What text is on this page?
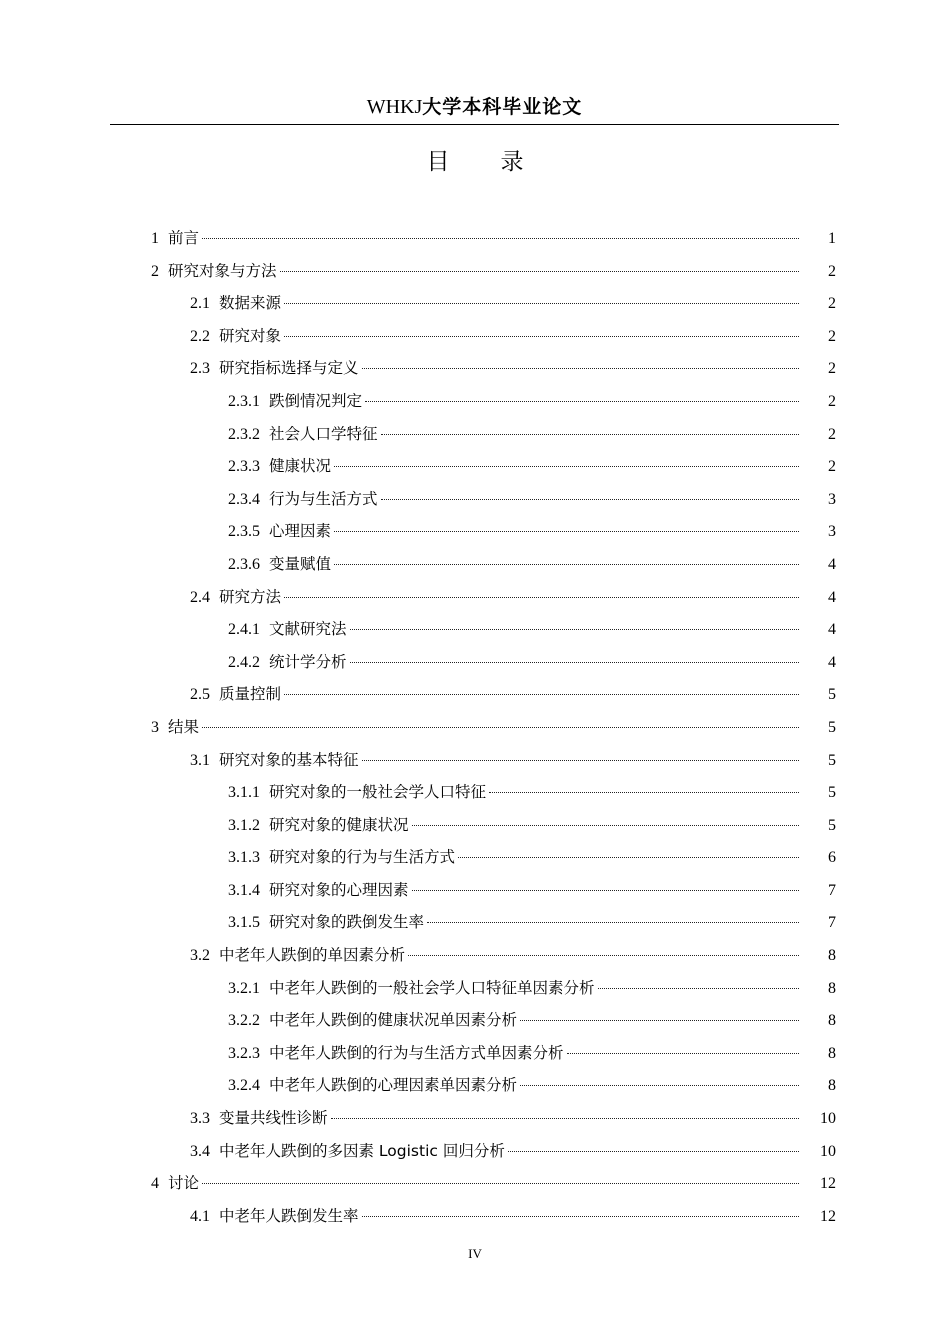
WHKJ大学本科毕业论文
目　录
1 前言	1
2 研究对象与方法	2
2.1 数据来源	2
2.2 研究对象	2
2.3 研究指标选择与定义	2
2.3.1 跌倒情况判定	2
2.3.2 社会人口学特征	2
2.3.3 健康状况	2
2.3.4 行为与生活方式	3
2.3.5 心理因素	3
2.3.6 变量赋值	4
2.4 研究方法	4
2.4.1 文献研究法	4
2.4.2 统计学分析	4
2.5 质量控制	5
3 结果	5
3.1 研究对象的基本特征	5
3.1.1 研究对象的一般社会学人口特征	5
3.1.2 研究对象的健康状况	5
3.1.3 研究对象的行为与生活方式	6
3.1.4 研究对象的心理因素	7
3.1.5 研究对象的跌倒发生率	7
3.2 中老年人跌倒的单因素分析	8
3.2.1 中老年人跌倒的一般社会学人口特征单因素分析	8
3.2.2 中老年人跌倒的健康状况单因素分析	8
3.2.3 中老年人跌倒的行为与生活方式单因素分析	8
3.2.4 中老年人跌倒的心理因素单因素分析	8
3.3 变量共线性诊断	10
3.4 中老年人跌倒的多因素 Logistic 回归分析	10
4 讨论	12
4.1 中老年人跌倒发生率	12
IV
